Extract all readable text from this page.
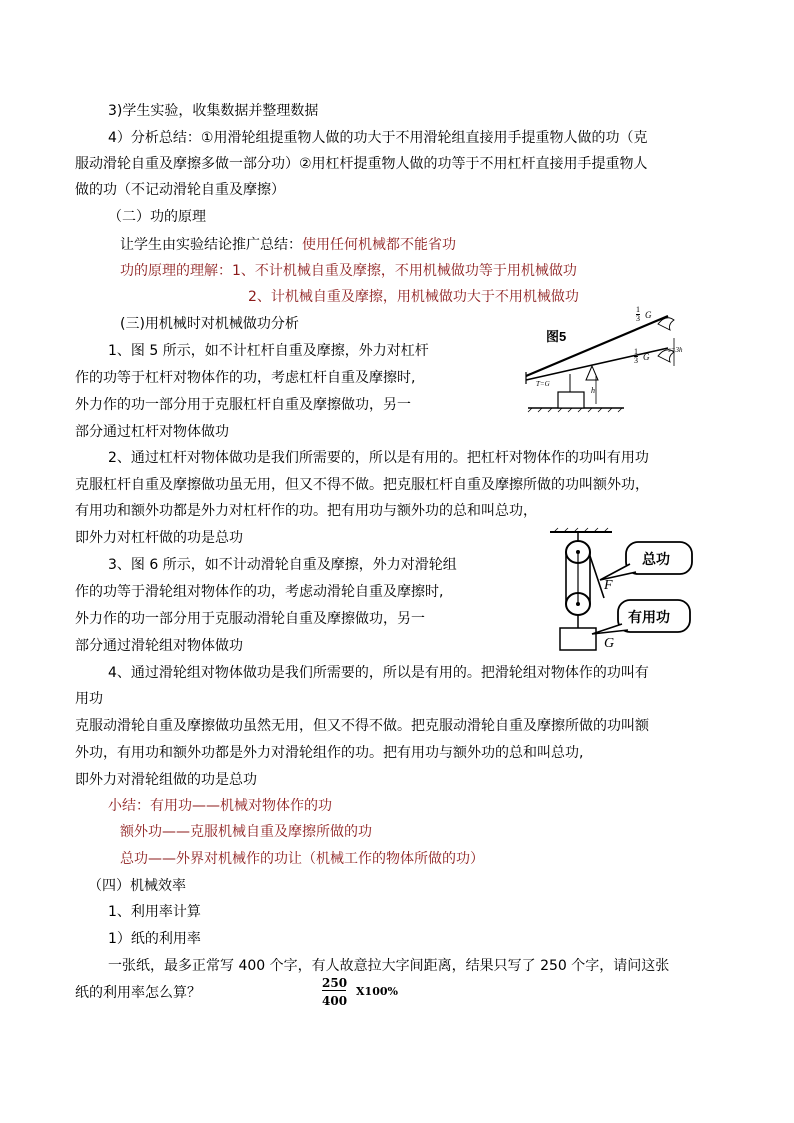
3)学生实验，收集数据并整理数据
4）分析总结：①用滑轮组提重物人做的功大于不用滑轮组直接用手提重物人做的功（克
服动滑轮自重及摩擦多做一部分功）②用杠杆提重物人做的功等于不用杠杆直接用手提重物人
做的功（不记动滑轮自重及摩擦）
（二）功的原理
让学生由实验结论推广总结：使用任何机械都不能省功
功的原理的理解：1、不计机械自重及摩擦，不用机械做功等于用机械做功
2、计机械自重及摩擦，用机械做功大于不用机械做功
(三)用机械时对机械做功分析
1、图 5 所示，如不计杠杆自重及摩擦，外力对杠杆
作的功等于杠杆对物体作的功，考虑杠杆自重及摩擦时,
外力作的功一部分用于克服杠杆自重及摩擦做功，另一
部分通过杠杆对物体做功
2、通过杠杆对物体做功是我们所需要的，所以是有用的。把杠杆对物体作的功叫有用功
克服杠杆自重及摩擦做功虽无用，但又不得不做。把克服杠杆自重及摩擦所做的功叫额外功，
有用功和额外功都是外力对杠杆作的功。把有用功与额外功的总和叫总功，
即外力对杠杆做的功是总功
3、图 6 所示，如不计动滑轮自重及摩擦，外力对滑轮组
作的功等于滑轮组对物体作的功，考虑动滑轮自重及摩擦时,
外力作的功一部分用于克服动滑轮自重及摩擦做功，另一
部分通过滑轮组对物体做功
4、通过滑轮组对物体做功是我们所需要的，所以是有用的。把滑轮组对物体作的功叫有
用功
克服动滑轮自重及摩擦做功虽然无用，但又不得不做。把克服动滑轮自重及摩擦所做的功叫额
外功，有用功和额外功都是外力对滑轮组作的功。把有用功与额外功的总和叫总功,
即外力对滑轮组做的功是总功
小结：有用功——机械对物体作的功
额外功——克服机械自重及摩擦所做的功
总功——外界对机械作的功让（机械工作的物体所做的功）
（四）机械效率
1、利用率计算
1）纸的利用率
一张纸，最多正常写 400 个字，有人故意拉大字间距离，结果只写了 250 个字，请问这张
纸的利用率怎么算？
图5
$\frac{1}{3}$ G
$\frac{1}{3}$ G
s=3h
T=G
h
总功
有用功
F
G
250
400
X100%
